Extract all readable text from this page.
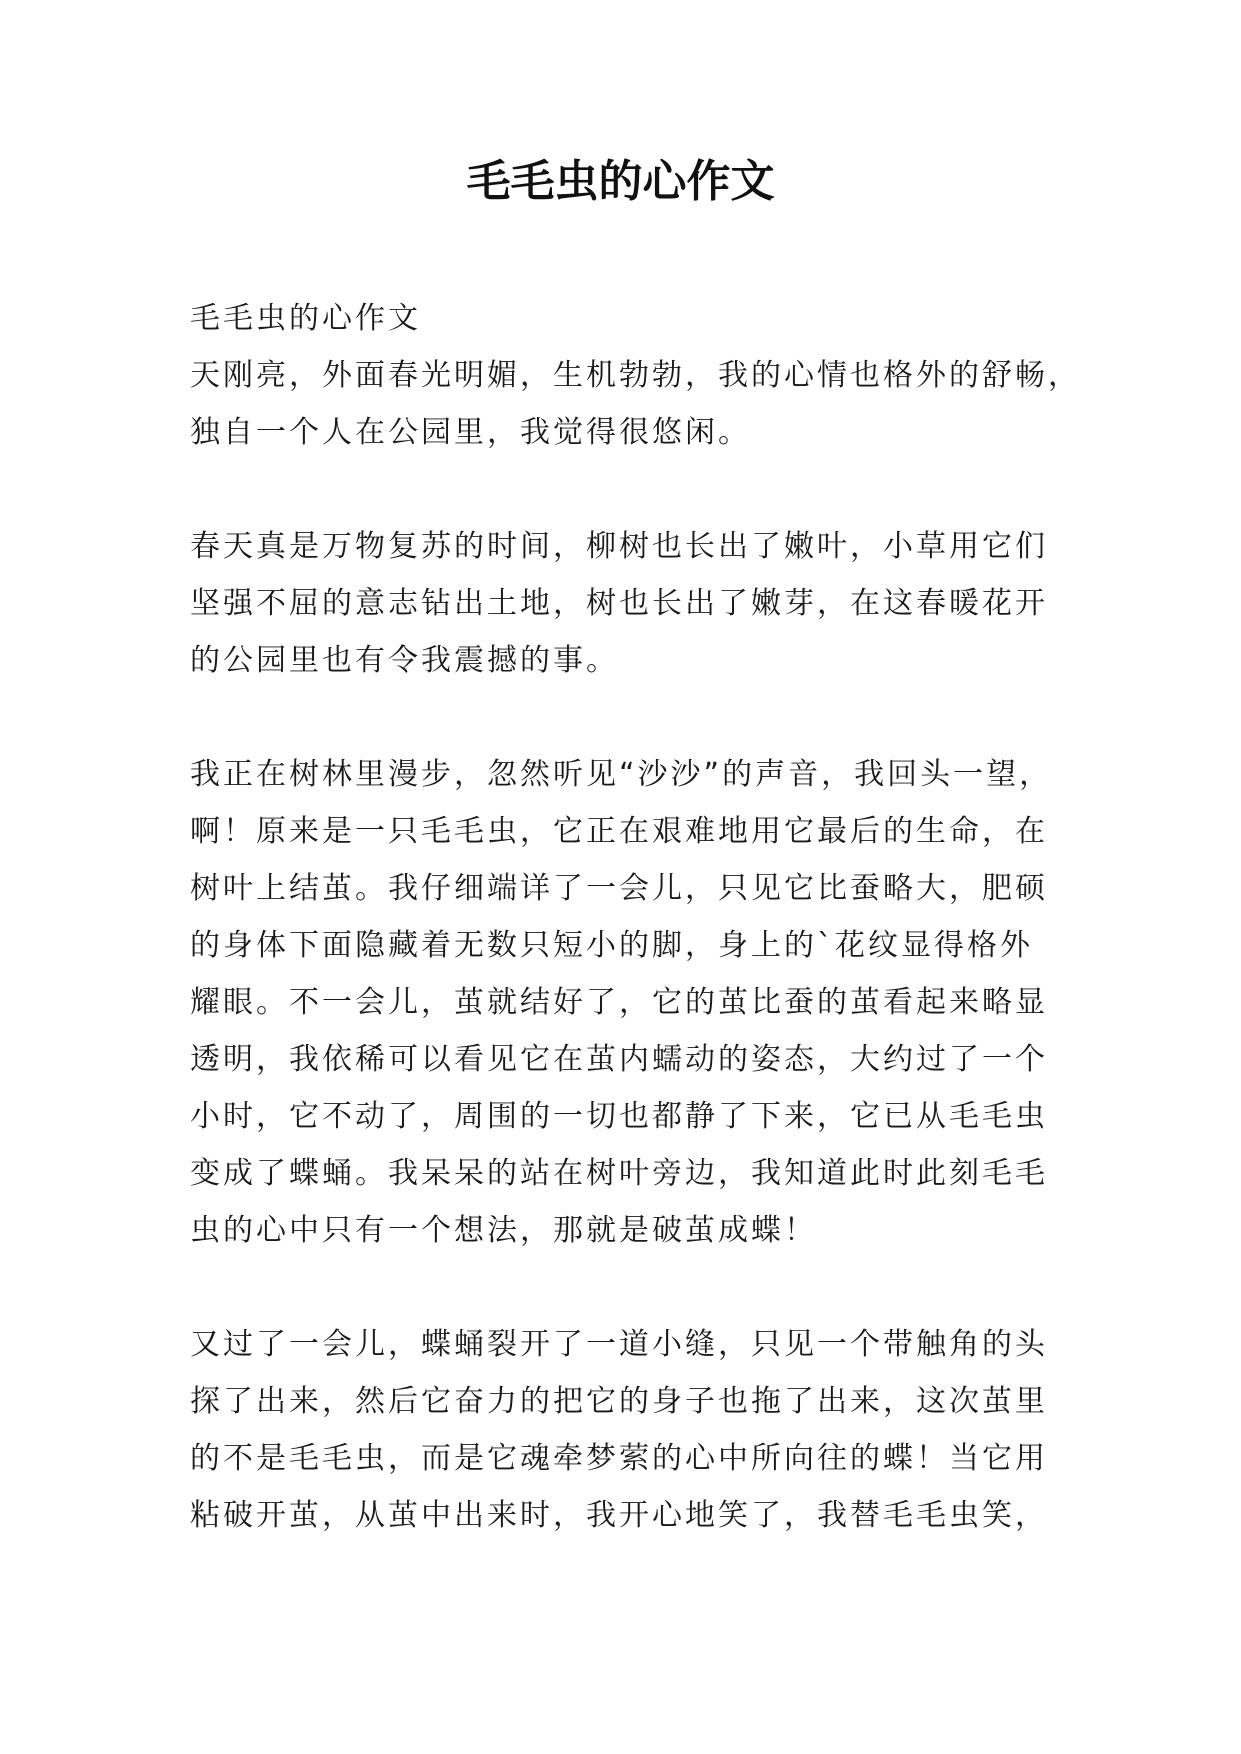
毛毛虫的心作文
毛毛虫的心作文
天刚亮，外面春光明媚，生机勃勃，我的心情也格外的舒畅，
独自一个人在公园里，我觉得很悠闲。
春天真是万物复苏的时间，柳树也长出了嫩叶，小草用它们
坚强不屈的意志钻出土地，树也长出了嫩芽，在这春暖花开
的公园里也有令我震撼的事。
我正在树林里漫步，忽然听见“沙沙”的声音，我回头一望，
啊！原来是一只毛毛虫，它正在艰难地用它最后的生命，在
树叶上结茧。我仔细端详了一会儿，只见它比蚕略大，肥硕
的身体下面隐藏着无数只短小的脚，身上的`花纹显得格外
耀眼。不一会儿，茧就结好了，它的茧比蚕的茧看起来略显
透明，我依稀可以看见它在茧内蠕动的姿态，大约过了一个
小时，它不动了，周围的一切也都静了下来，它已从毛毛虫
变成了蝶蛹。我呆呆的站在树叶旁边，我知道此时此刻毛毛
虫的心中只有一个想法，那就是破茧成蝶！
又过了一会儿，蝶蛹裂开了一道小缝，只见一个带触角的头
探了出来，然后它奋力的把它的身子也拖了出来，这次茧里
的不是毛毛虫，而是它魂牵梦萦的心中所向往的蝶！当它用
粘破开茧，从茧中出来时，我开心地笑了，我替毛毛虫笑，
